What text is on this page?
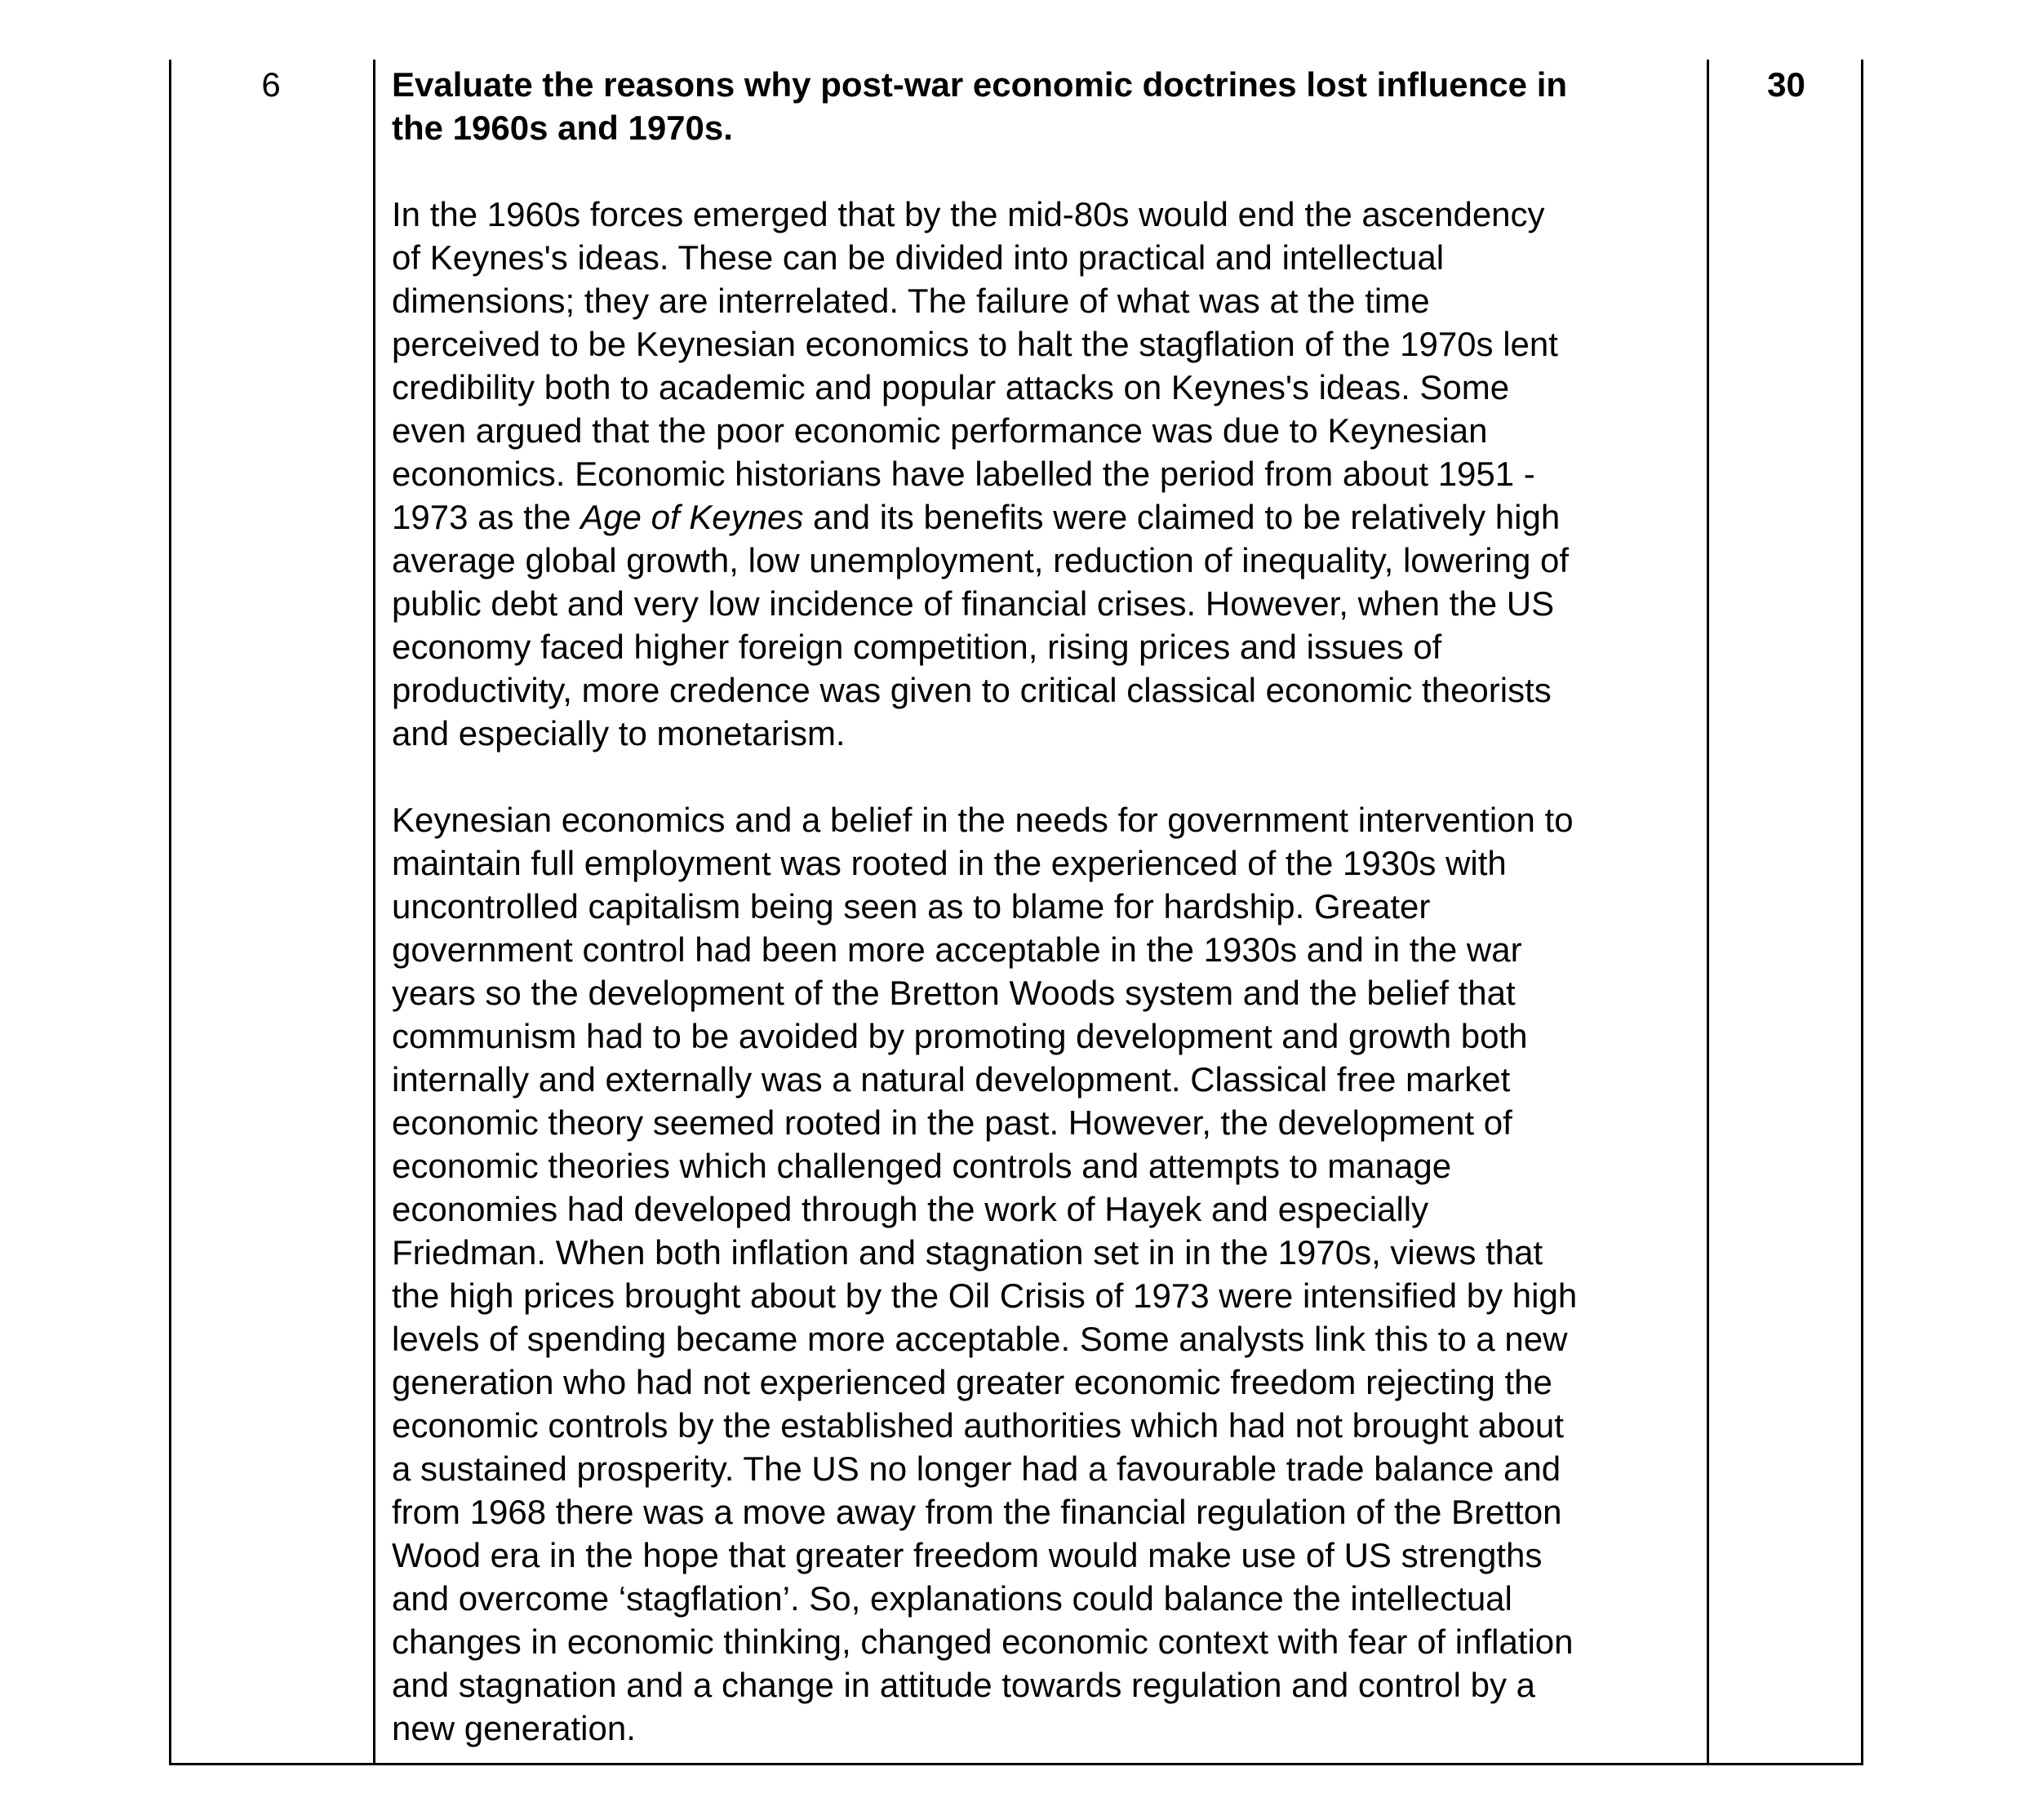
6	Evaluate the reasons why post-war economic doctrines lost influence in
the 1960s and 1970s.

In the 1960s forces emerged that by the mid-80s would end the ascendency
of Keynes's ideas. These can be divided into practical and intellectual
dimensions; they are interrelated. The failure of what was at the time
perceived to be Keynesian economics to halt the stagflation of the 1970s lent
credibility both to academic and popular attacks on Keynes's ideas. Some
even argued that the poor economic performance was due to Keynesian
economics. Economic historians have labelled the period from about 1951 -
1973 as the Age of Keynes and its benefits were claimed to be relatively high
average global growth, low unemployment, reduction of inequality, lowering of
public debt and very low incidence of financial crises. However, when the US
economy faced higher foreign competition, rising prices and issues of
productivity, more credence was given to critical classical economic theorists
and especially to monetarism.

Keynesian economics and a belief in the needs for government intervention to
maintain full employment was rooted in the experienced of the 1930s with
uncontrolled capitalism being seen as to blame for hardship. Greater
government control had been more acceptable in the 1930s and in the war
years so the development of the Bretton Woods system and the belief that
communism had to be avoided by promoting development and growth both
internally and externally was a natural development. Classical free market
economic theory seemed rooted in the past. However, the development of
economic theories which challenged controls and attempts to manage
economies had developed through the work of Hayek and especially
Friedman. When both inflation and stagnation set in in the 1970s, views that
the high prices brought about by the Oil Crisis of 1973 were intensified by high
levels of spending became more acceptable. Some analysts link this to a new
generation who had not experienced greater economic freedom rejecting the
economic controls by the established authorities which had not brought about
a sustained prosperity. The US no longer had a favourable trade balance and
from 1968 there was a move away from the financial regulation of the Bretton
Wood era in the hope that greater freedom would make use of US strengths
and overcome ‘stagflation’. So, explanations could balance the intellectual
changes in economic thinking, changed economic context with fear of inflation
and stagnation and a change in attitude towards regulation and control by a
new generation.

30
